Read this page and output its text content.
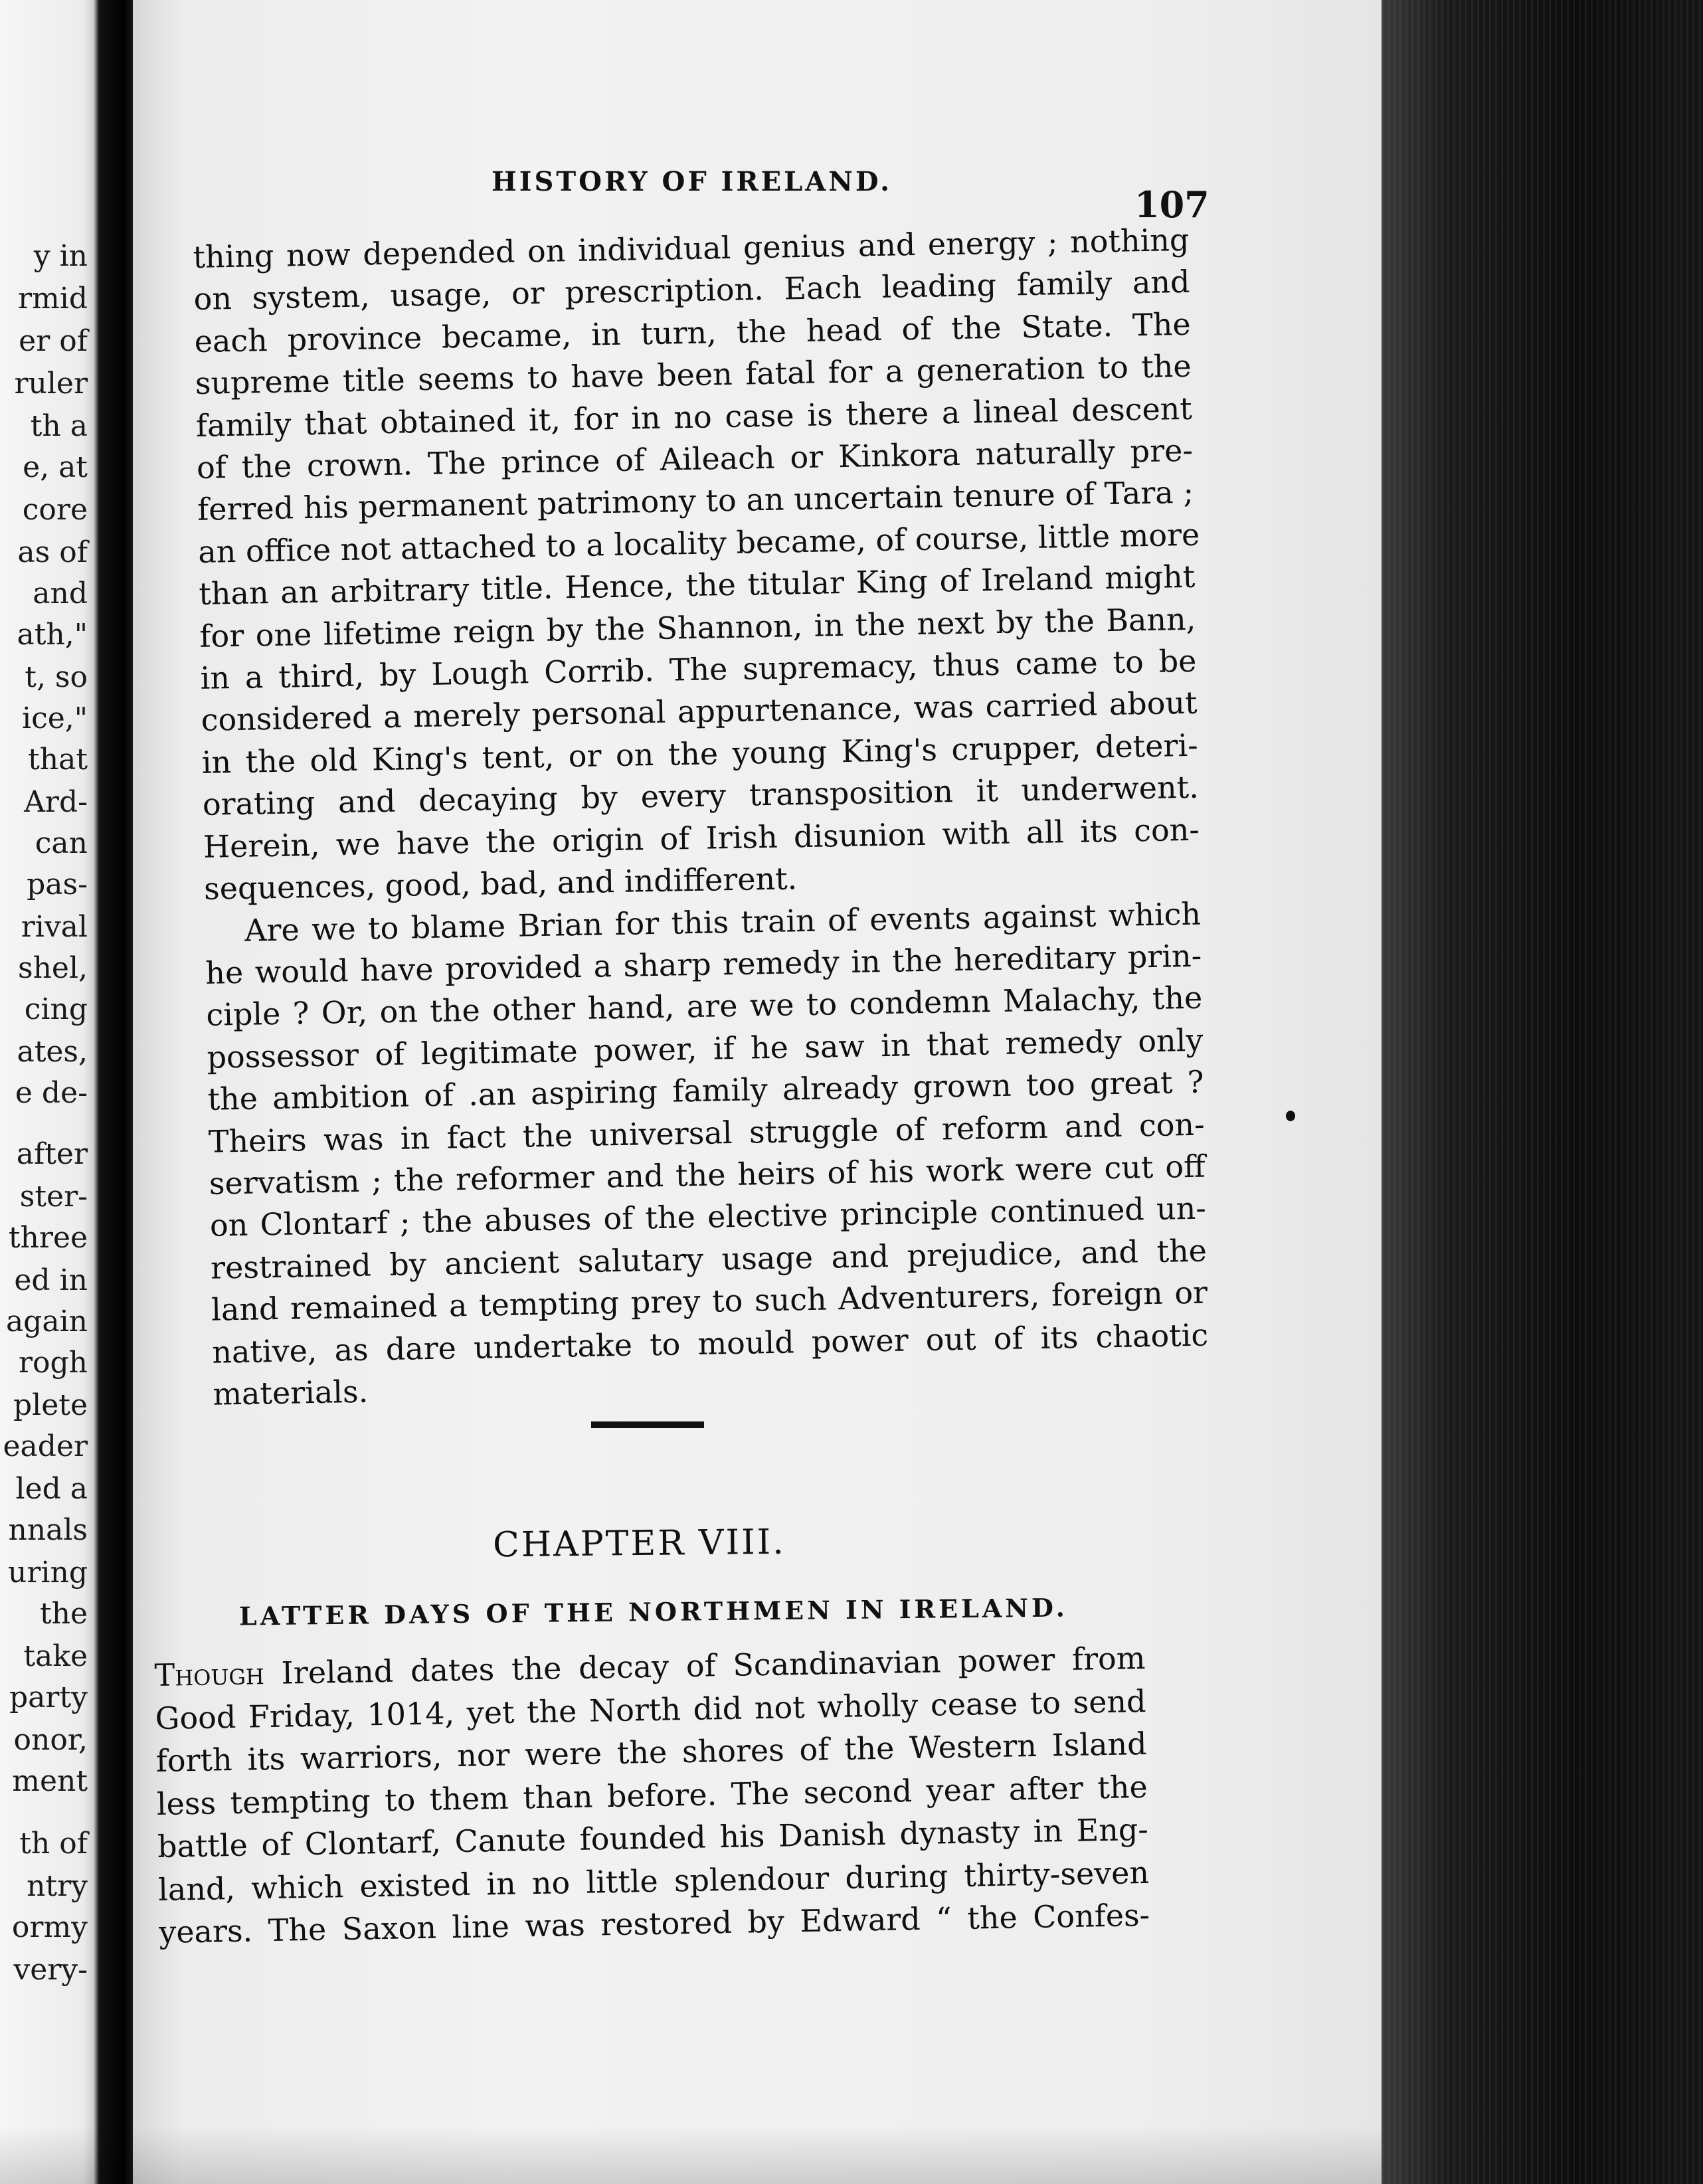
y in
rmid
er of
ruler
th a
e, at
core
as of
and
ath,"
t, so
ice,"
that
Ard-
can
pas-
rival
shel,
cing
ates,
e de-
after
ster-
three
ed in
again
rogh
plete
eader
led a
nnals
uring
the
take
party
onor,
ment
th of
ntry
ormy
very-
HISTORY OF IRELAND.
107
thing now depended on individual genius and energy ; nothing
on system, usage, or prescription. Each leading family and
each province became, in turn, the head of the State. The
supreme title seems to have been fatal for a generation to the
family that obtained it, for in no case is there a lineal descent
of the crown. The prince of Aileach or Kinkora naturally pre-
ferred his permanent patrimony to an uncertain tenure of Tara ;
an office not attached to a locality became, of course, little more
than an arbitrary title. Hence, the titular King of Ireland might
for one lifetime reign by the Shannon, in the next by the Bann,
in a third, by Lough Corrib. The supremacy, thus came to be
considered a merely personal appurtenance, was carried about
in the old King's tent, or on the young King's crupper, deteri-
orating and decaying by every transposition it underwent.
Herein, we have the origin of Irish disunion with all its con-
sequences, good, bad, and indifferent.
Are we to blame Brian for this train of events against which
he would have provided a sharp remedy in the hereditary prin-
ciple ? Or, on the other hand, are we to condemn Malachy, the
possessor of legitimate power, if he saw in that remedy only
the ambition of .an aspiring family already grown too great ?
Theirs was in fact the universal struggle of reform and con-
servatism ; the reformer and the heirs of his work were cut off
on Clontarf ; the abuses of the elective principle continued un-
restrained by ancient salutary usage and prejudice, and the
land remained a tempting prey to such Adventurers, foreign or
native, as dare undertake to mould power out of its chaotic
materials.
CHAPTER VIII.
LATTER DAYS OF THE NORTHMEN IN IRELAND.
Though Ireland dates the decay of Scandinavian power from
Good Friday, 1014, yet the North did not wholly cease to send
forth its warriors, nor were the shores of the Western Island
less tempting to them than before. The second year after the
battle of Clontarf, Canute founded his Danish dynasty in Eng-
land, which existed in no little splendour during thirty-seven
years. The Saxon line was restored by Edward “ the Confes-
